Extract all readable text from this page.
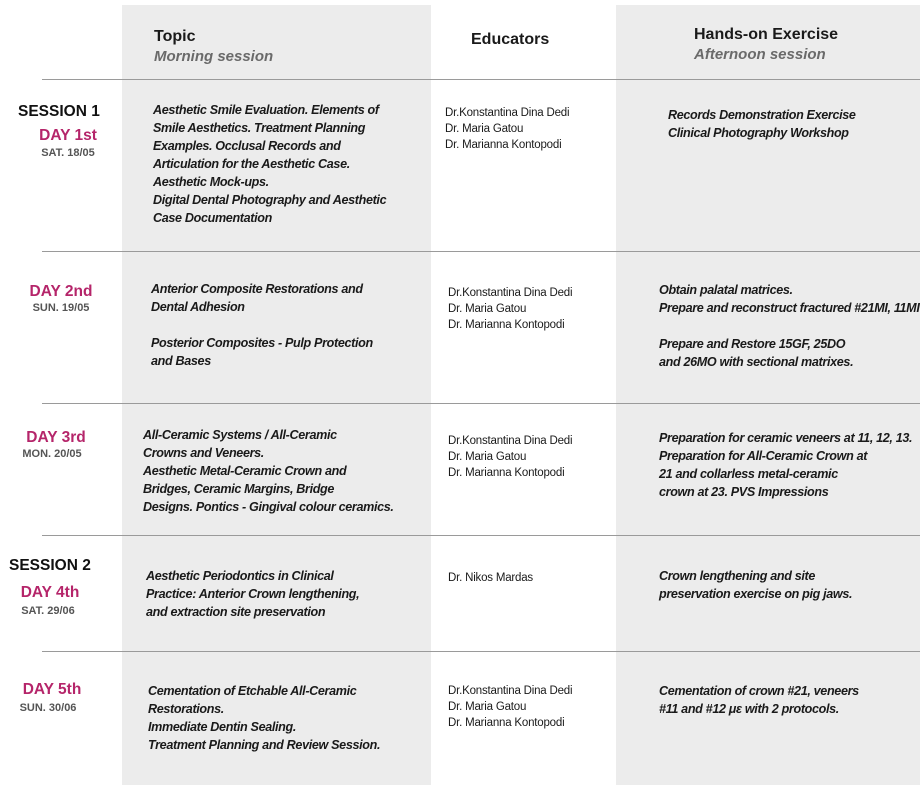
Topic
Morning session
Educators	Hands-on Exercise
Afternoon session
SESSION 1
DAY 1st
SAT. 18/05
Aesthetic Smile Evaluation. Elements of
Smile Aesthetics. Treatment Planning
Examples. Occlusal Records and
Articulation for the Aesthetic Case.
Aesthetic Mock-ups.
Digital Dental Photography and Aesthetic
Case Documentation
Dr.Konstantina Dina Dedi
Dr. Maria Gatou
Dr. Marianna Kontopodi
Records Demonstration Exercise
Clinical Photography Workshop
DAY 2nd
SUN. 19/05
Anterior Composite Restorations and
Dental Adhesion
Posterior Composites - Pulp Protection
and Bases
Dr.Konstantina Dina Dedi
Dr. Maria Gatou
Dr. Marianna Kontopodi
Obtain palatal matrices.
Prepare and reconstruct fractured #21MI, 11MI
Prepare and Restore 15GF, 25DO
and 26MO with sectional matrixes.
DAY 3rd
MON. 20/05
All-Ceramic Systems / All-Ceramic
Crowns and Veneers.
Aesthetic Metal-Ceramic Crown and
Bridges, Ceramic Margins, Bridge
Designs. Pontics - Gingival colour ceramics.
Dr.Konstantina Dina Dedi
Dr. Maria Gatou
Dr. Marianna Kontopodi
Preparation for ceramic veneers at 11, 12, 13.
Preparation for All-Ceramic Crown at
21 and collarless metal-ceramic
crown at 23. PVS Impressions
SESSION 2
DAY 4th
SAT. 29/06
Aesthetic Periodontics in Clinical
Practice: Anterior Crown lengthening,
and extraction site preservation
Dr. Nikos Mardas	Crown lengthening and site
preservation exercise on pig jaws.
DAY 5th
SUN. 30/06
Cementation of Etchable All-Ceramic
Restorations.
Immediate Dentin Sealing.
Treatment Planning and Review Session.
Dr.Konstantina Dina Dedi
Dr. Maria Gatou
Dr. Marianna Kontopodi
Cementation of crown #21, veneers
#11 and #12 με with 2 protocols.
